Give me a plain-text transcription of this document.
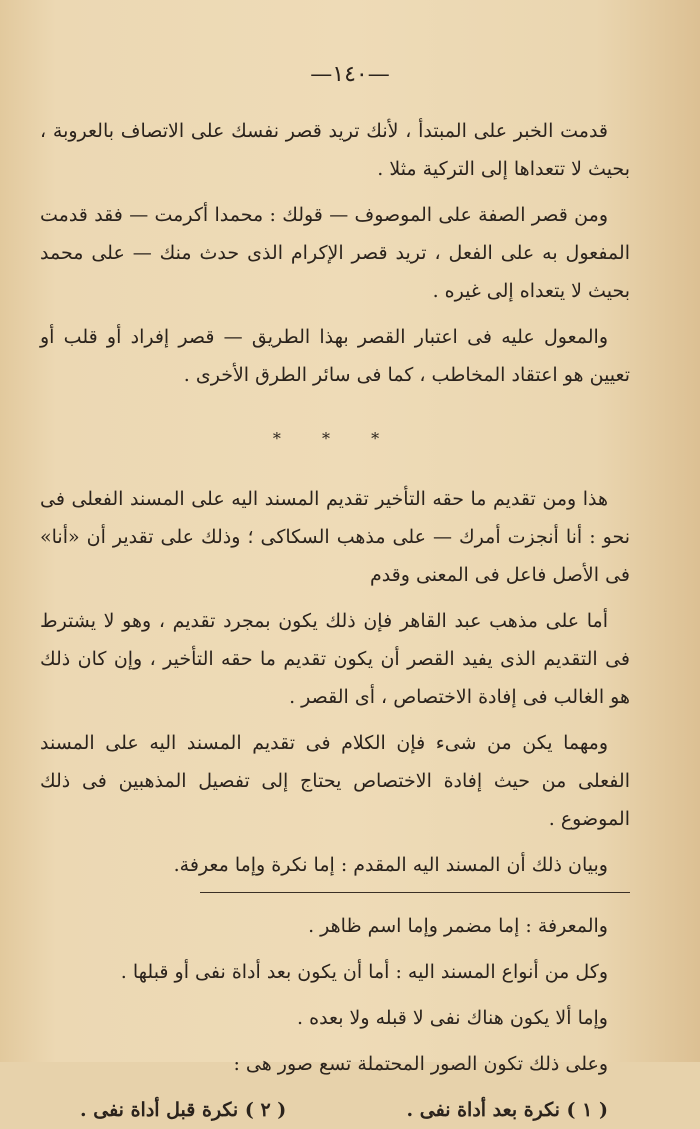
—١٤٠—

قدمت الخبر على المبتدأ ، لأنك تريد قصر نفسك على الاتصاف بالعروبة ، بحيث لا تتعداها إلى التركية مثلا .

ومن قصر الصفة على الموصوف — قولك : محمدا أكرمت — فقد قدمت المفعول به على الفعل ، تريد قصر الإكرام الذى حدث منك — على محمد بحيث لا يتعداه إلى غيره .

والمعول عليه فى اعتبار القصر بهذا الطريق — قصر إفراد أو قلب أو تعيين هو اعتقاد المخاطب ، كما فى سائر الطرق الأخرى .

* * *

هذا ومن تقديم ما حقه التأخير تقديم المسند اليه على المسند الفعلى فى نحو : أنا أنجزت أمرك — على مذهب السكاكى ؛ وذلك على تقدير أن «أنا» فى الأصل فاعل فى المعنى وقدم

أما على مذهب عبد القاهر فإن ذلك يكون بمجرد تقديم ، وهو لا يشترط فى التقديم الذى يفيد القصر أن يكون تقديم ما حقه التأخير ، وإن كان ذلك هو الغالب فى إفادة الاختصاص ، أى القصر .

ومهما يكن من شىء فإن الكلام فى تقديم المسند اليه على المسند الفعلى من حيث إفادة الاختصاص يحتاج إلى تفصيل المذهبين فى ذلك الموضوع .

وبيان ذلك أن المسند اليه المقدم : إما نكرة وإما معرفة.

والمعرفة : إما مضمر وإما اسم ظاهر .

وكل من أنواع المسند اليه : أما أن يكون بعد أداة نفى أو قبلها .

وإما ألا يكون هناك نفى لا قبله ولا بعده .

وعلى ذلك تكون الصور المحتملة تسع صور هى :

( ١ ) نكرة بعد أداة نفى .
( ٢ ) نكرة قبل أداة نفى .
